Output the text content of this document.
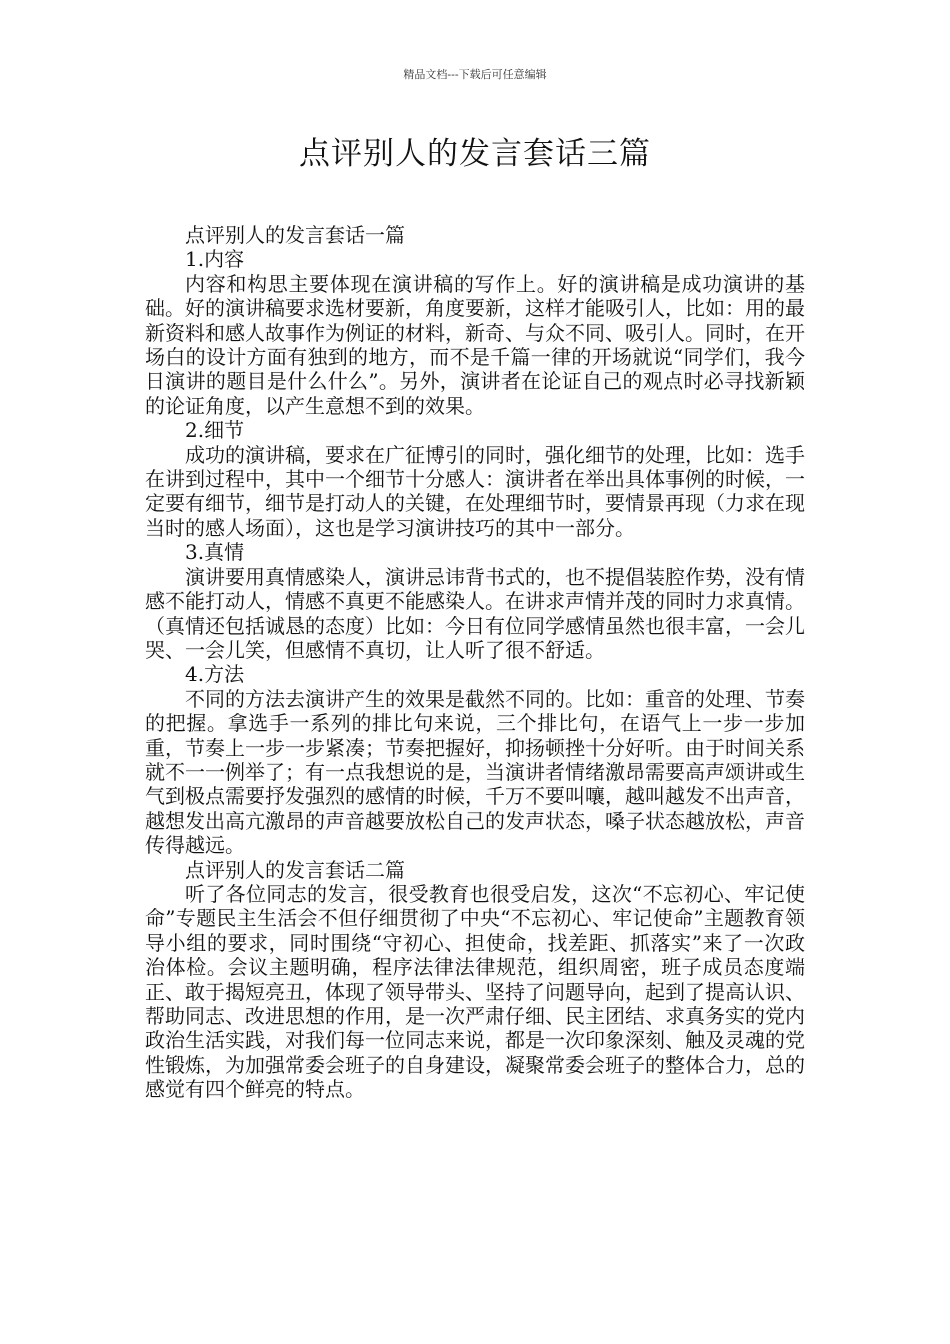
精品文档---下载后可任意编辑
点评别人的发言套话三篇

点评别人的发言套话一篇

1.内容

内容和构思主要体现在演讲稿的写作上。好的演讲稿是成功演讲的基础。好的演讲稿要求选材要新，角度要新，这样才能吸引人，比如：用的最新资料和感人故事作为例证的材料，新奇、与众不同、吸引人。同时，在开场白的设计方面有独到的地方，而不是千篇一律的开场就说“同学们，我今日演讲的题目是什么什么”。另外，演讲者在论证自己的观点时必寻找新颖的论证角度，以产生意想不到的效果。

2.细节

成功的演讲稿，要求在广征博引的同时，强化细节的处理，比如：选手在讲到过程中，其中一个细节十分感人：演讲者在举出具体事例的时候，一定要有细节，细节是打动人的关键，在处理细节时，要情景再现（力求在现当时的感人场面），这也是学习演讲技巧的其中一部分。

3.真情

演讲要用真情感染人，演讲忌讳背书式的，也不提倡装腔作势，没有情感不能打动人，情感不真更不能感染人。在讲求声情并茂的同时力求真情。（真情还包括诚恳的态度）比如：今日有位同学感情虽然也很丰富，一会儿哭、一会儿笑，但感情不真切，让人听了很不舒适。

4.方法

不同的方法去演讲产生的效果是截然不同的。比如：重音的处理、节奏的把握。拿选手一系列的排比句来说，三个排比句，在语气上一步一步加重，节奏上一步一步紧凑；节奏把握好，抑扬顿挫十分好听。由于时间关系就不一一例举了；有一点我想说的是，当演讲者情绪激昂需要高声颂讲或生气到极点需要抒发强烈的感情的时候，千万不要叫嚷，越叫越发不出声音，越想发出高亢激昂的声音越要放松自己的发声状态，嗓子状态越放松，声音传得越远。

点评别人的发言套话二篇

听了各位同志的发言，很受教育也很受启发，这次“不忘初心、牢记使命”专题民主生活会不但仔细贯彻了中央“不忘初心、牢记使命”主题教育领导小组的要求，同时围绕“守初心、担使命，找差距、抓落实”来了一次政治体检。会议主题明确，程序法律法律规范，组织周密，班子成员态度端正、敢于揭短亮丑，体现了领导带头、坚持了问题导向，起到了提高认识、帮助同志、改进思想的作用，是一次严肃仔细、民主团结、求真务实的党内政治生活实践，对我们每一位同志来说，都是一次印象深刻、触及灵魂的党性锻炼，为加强常委会班子的自身建设，凝聚常委会班子的整体合力，总的感觉有四个鲜亮的特点。
